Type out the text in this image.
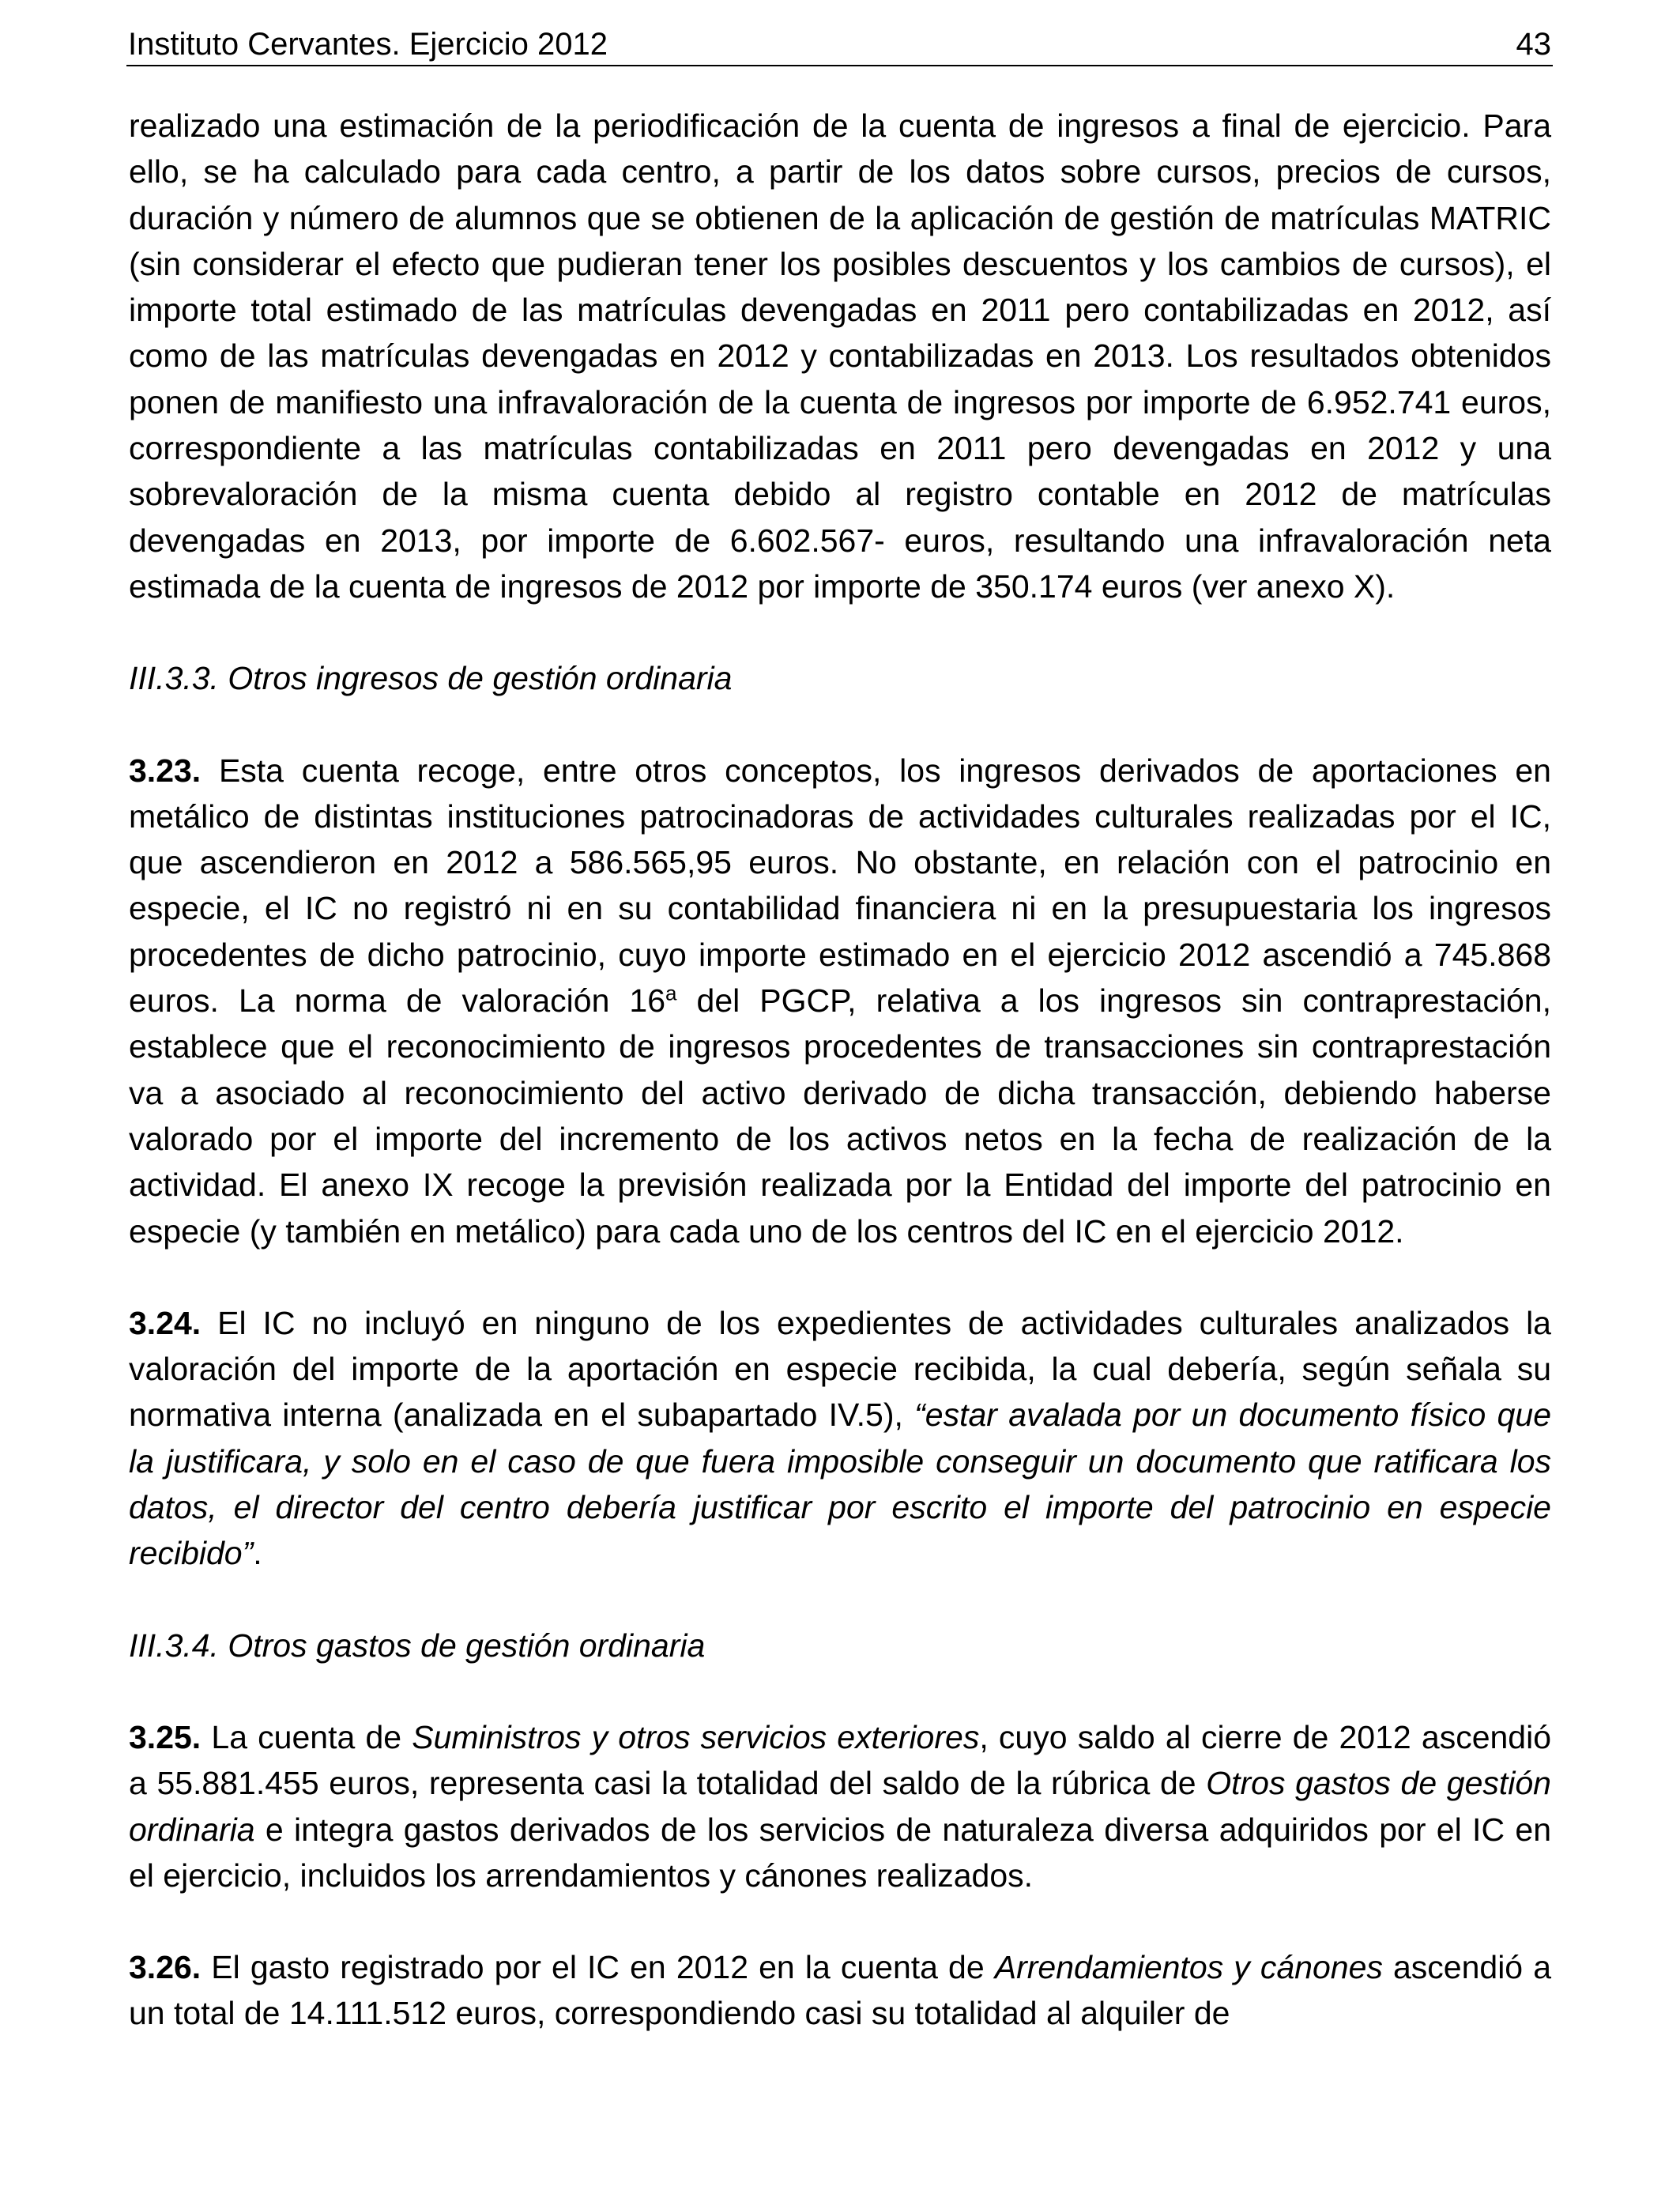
Instituto Cervantes. Ejercicio 2012	43

realizado una estimación de la periodificación de la cuenta de ingresos a final de ejercicio. Para ello, se ha calculado para cada centro, a partir de los datos sobre cursos, precios de cursos, duración y número de alumnos que se obtienen de la aplicación de gestión de matrículas MATRIC (sin considerar el efecto que pudieran tener los posibles descuentos y los cambios de cursos), el importe total estimado de las matrículas devengadas en 2011 pero contabilizadas en 2012, así como de las matrículas devengadas en 2012 y contabilizadas en 2013. Los resultados obtenidos ponen de manifiesto una infravaloración de la cuenta de ingresos por importe de 6.952.741 euros, correspondiente a las matrículas contabilizadas en 2011 pero devengadas en 2012 y una sobrevaloración de la misma cuenta debido al registro contable en 2012 de matrículas devengadas en 2013, por importe de 6.602.567- euros, resultando una infravaloración neta estimada de la cuenta de ingresos de 2012 por importe de 350.174 euros (ver anexo X).

III.3.3. Otros ingresos de gestión ordinaria

3.23. Esta cuenta recoge, entre otros conceptos, los ingresos derivados de aportaciones en metálico de distintas instituciones patrocinadoras de actividades culturales realizadas por el IC, que ascendieron en 2012 a 586.565,95 euros. No obstante, en relación con el patrocinio en especie, el IC no registró ni en su contabilidad financiera ni en la presupuestaria los ingresos procedentes de dicho patrocinio, cuyo importe estimado en el ejercicio 2012 ascendió a 745.868 euros. La norma de valoración 16$^a$ del PGCP, relativa a los ingresos sin contraprestación, establece que el reconocimiento de ingresos procedentes de transacciones sin contraprestación va a asociado al reconocimiento del activo derivado de dicha transacción, debiendo haberse valorado por el importe del incremento de los activos netos en la fecha de realización de la actividad. El anexo IX recoge la previsión realizada por la Entidad del importe del patrocinio en especie (y también en metálico) para cada uno de los centros del IC en el ejercicio 2012.

3.24. El IC no incluyó en ninguno de los expedientes de actividades culturales analizados la valoración del importe de la aportación en especie recibida, la cual debería, según señala su normativa interna (analizada en el subapartado IV.5), “estar avalada por un documento físico que la justificara, y solo en el caso de que fuera imposible conseguir un documento que ratificara los datos, el director del centro debería justificar por escrito el importe del patrocinio en especie recibido”.

III.3.4. Otros gastos de gestión ordinaria

3.25. La cuenta de Suministros y otros servicios exteriores, cuyo saldo al cierre de 2012 ascendió a 55.881.455 euros, representa casi la totalidad del saldo de la rúbrica de Otros gastos de gestión ordinaria e integra gastos derivados de los servicios de naturaleza diversa adquiridos por el IC en el ejercicio, incluidos los arrendamientos y cánones realizados.

3.26. El gasto registrado por el IC en 2012 en la cuenta de Arrendamientos y cánones ascendió a un total de 14.111.512 euros, correspondiendo casi su totalidad al alquiler de
